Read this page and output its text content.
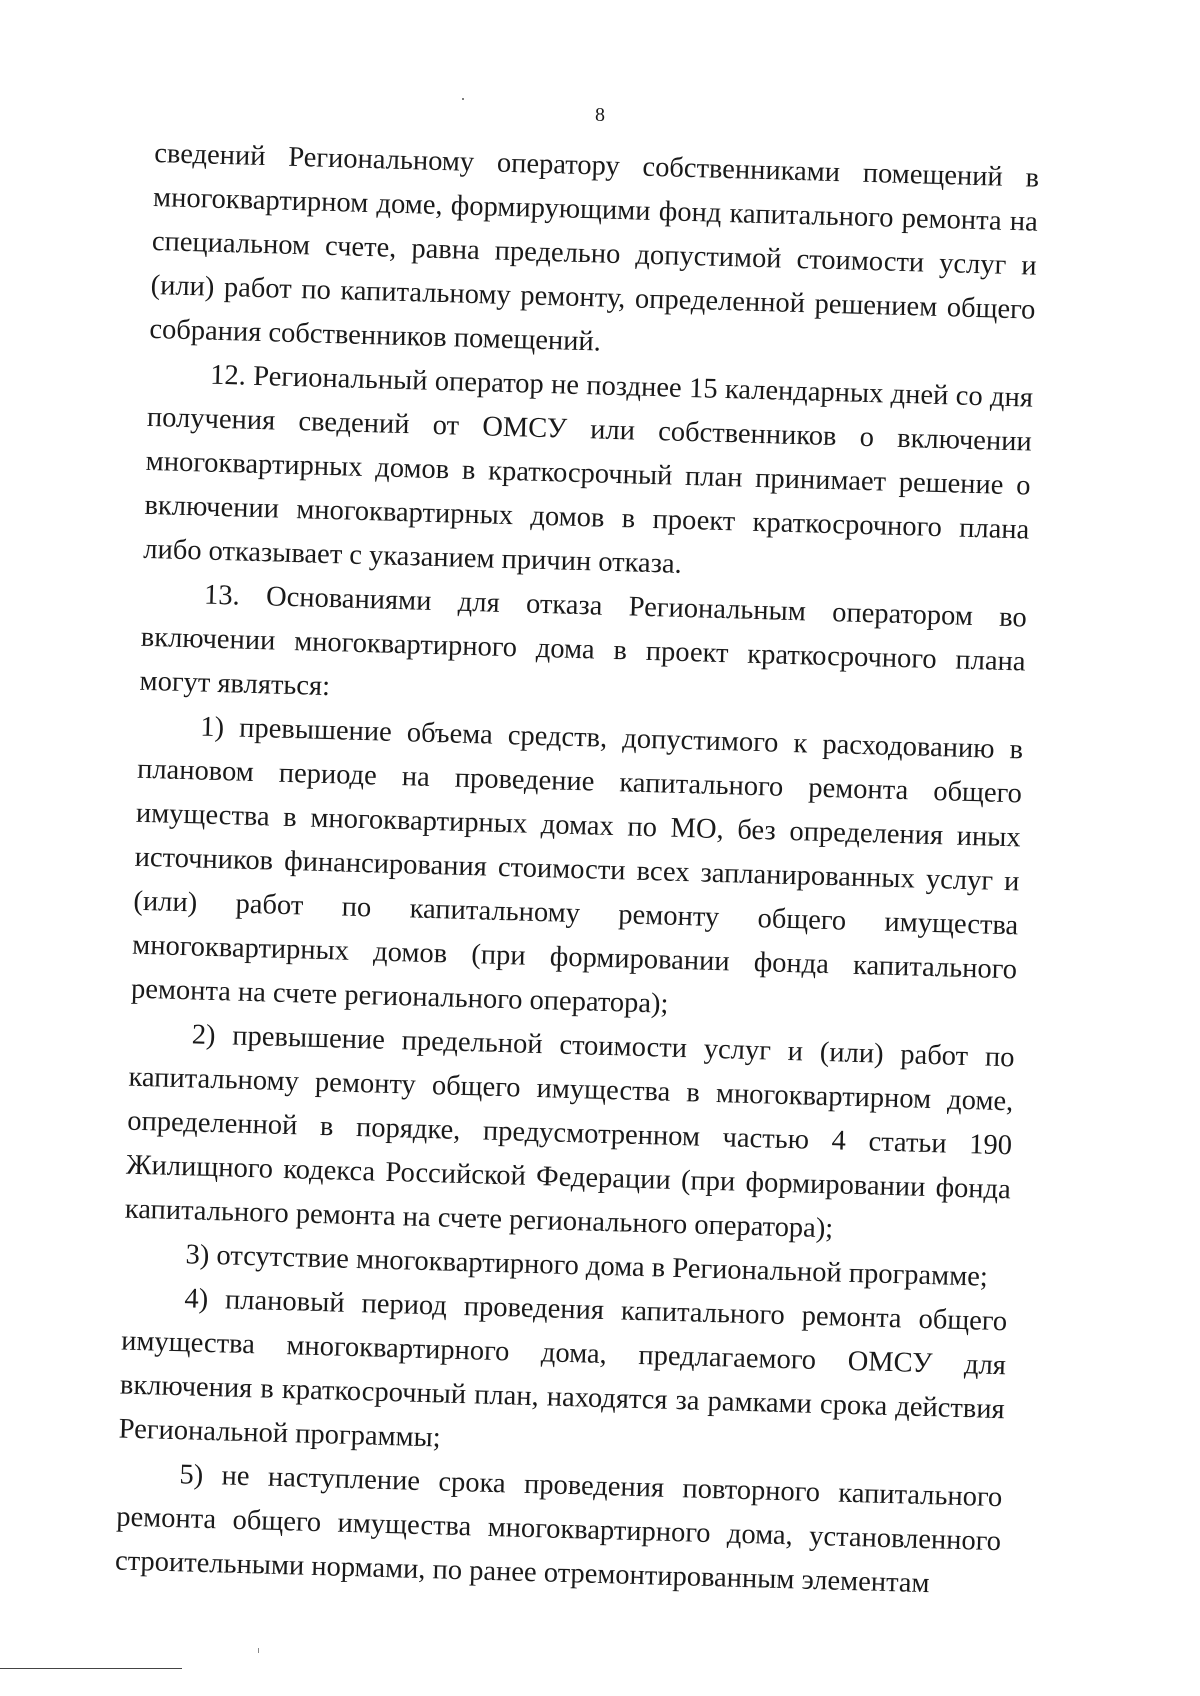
8

сведений Региональному оператору собственниками помещений в многоквартирном доме, формирующими фонд капитального ремонта на специальном счете, равна предельно допустимой стоимости услуг и (или) работ по капитальному ремонту, определенной решением общего собрания собственников помещений.

12. Региональный оператор не позднее 15 календарных дней со дня получения сведений от ОМСУ или собственников о включении многоквартирных домов в краткосрочный план принимает решение о включении многоквартирных домов в проект краткосрочного плана либо отказывает с указанием причин отказа.

13. Основаниями для отказа Региональным оператором во включении многоквартирного дома в проект краткосрочного плана могут являться:

1) превышение объема средств, допустимого к расходованию в плановом периоде на проведение капитального ремонта общего имущества в многоквартирных домах по МО, без определения иных источников финансирования стоимости всех запланированных услуг и (или) работ по капитальному ремонту общего имущества многоквартирных домов (при формировании фонда капитального ремонта на счете регионального оператора);

2) превышение предельной стоимости услуг и (или) работ по капитальному ремонту общего имущества в многоквартирном доме, определенной в порядке, предусмотренном частью 4 статьи 190 Жилищного кодекса Российской Федерации (при формировании фонда капитального ремонта на счете регионального оператора);

3) отсутствие многоквартирного дома в Региональной программе;

4) плановый период проведения капитального ремонта общего имущества многоквартирного дома, предлагаемого ОМСУ для включения в краткосрочный план, находятся за рамками срока действия Региональной программы;

5) не наступление срока проведения повторного капитального ремонта общего имущества многоквартирного дома, установленного строительными нормами, по ранее отремонтированным элементам
